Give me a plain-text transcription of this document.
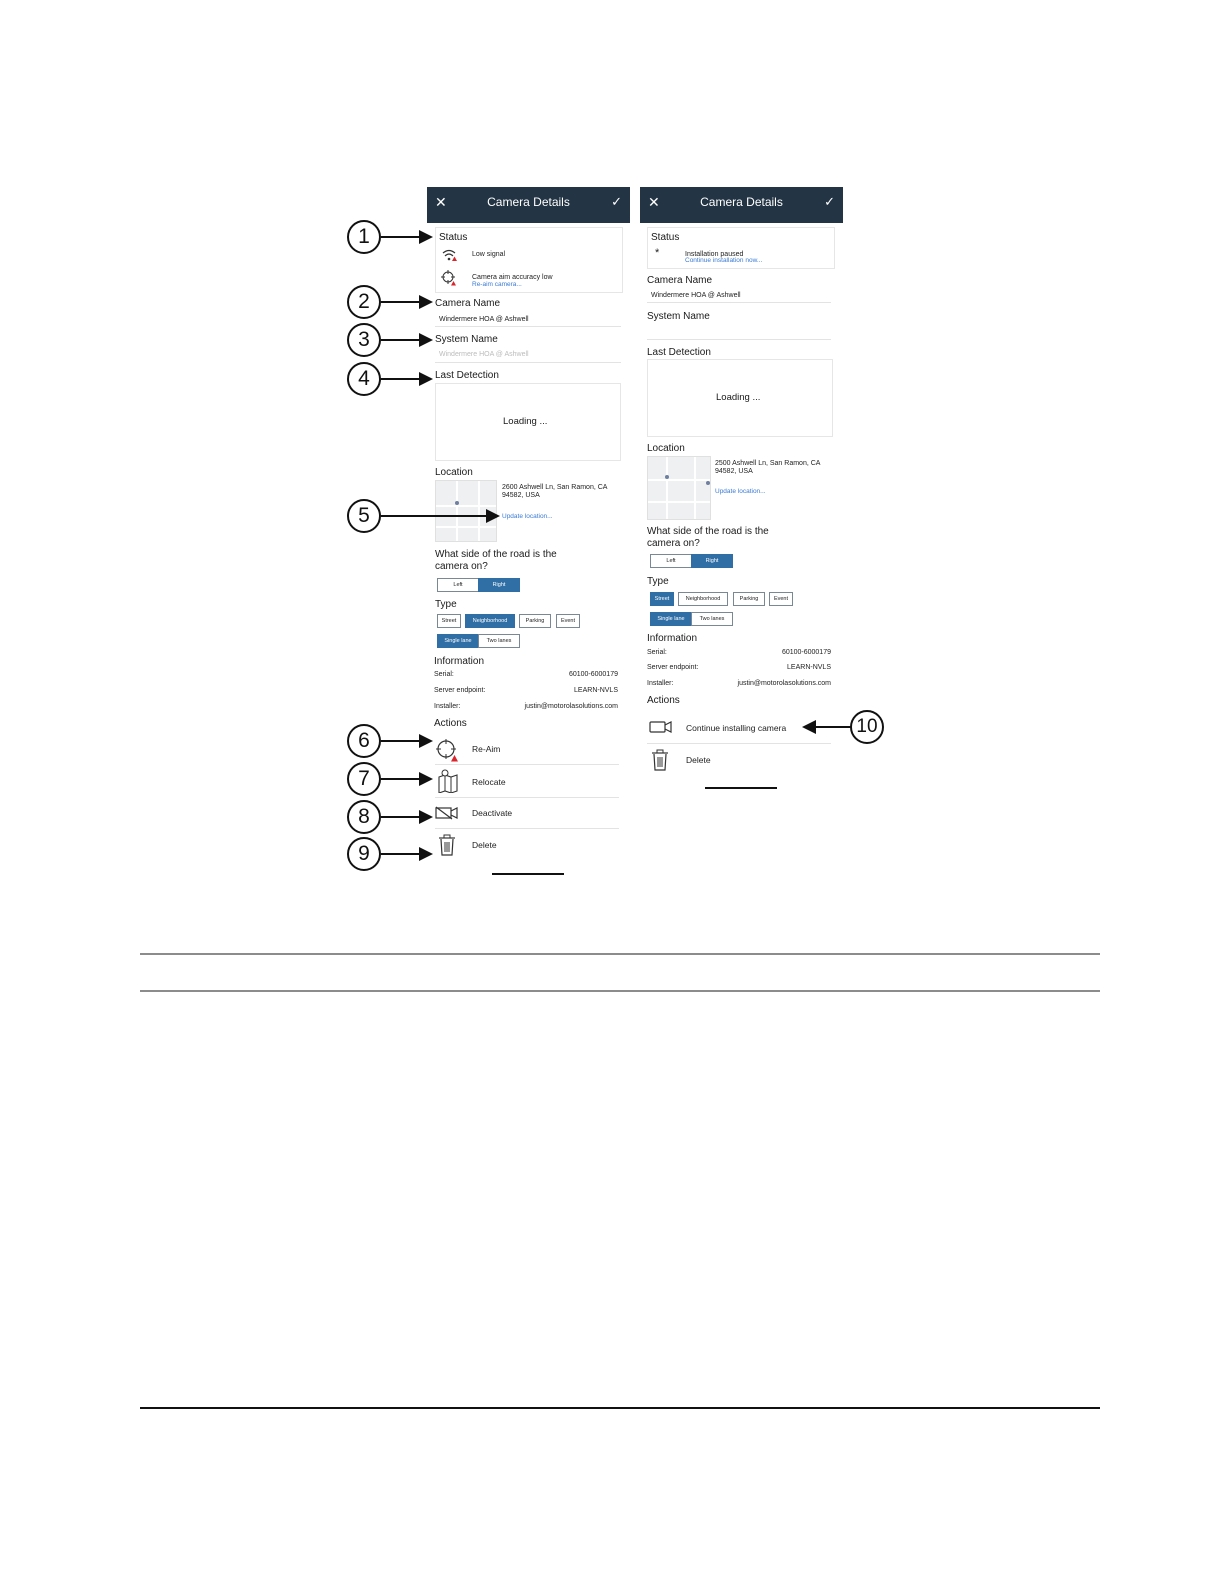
✕	Camera Details	✓
Status
Low signal
Camera aim accuracy low
Re-aim camera...
Camera Name
Windermere HOA @ Ashwell
System Name
Windermere HOA @ Ashwell
Last Detection
Loading ...
Location
2600 Ashwell Ln, San Ramon, CA 94582, USA
Update location...
What side of the road is the camera on?
Left	Right
Type
Street	Neighborhood	Parking	Event
Single lane	Two lanes
Information
Serial:	60100-6000179
Server endpoint:	LEARN-NVLS
Installer:	justin@motorolasolutions.com
Actions
Re-Aim
Relocate
Deactivate
Delete
✕	Camera Details	✓
Status
*	Installation paused
Continue installation now...
Camera Name
Windermere HOA @ Ashwell
System Name
Last Detection
Loading ...
Location
2500 Ashwell Ln, San Ramon, CA 94582, USA
Update location...
What side of the road is the camera on?
Left	Right
Type
Street	Neighborhood	Parking	Event
Single lane	Two lanes
Information
Serial:	60100-6000179
Server endpoint:	LEARN-NVLS
Installer:	justin@motorolasolutions.com
Actions
Continue installing camera
Delete
1
2
3
4
5
6
7
8
9
10
